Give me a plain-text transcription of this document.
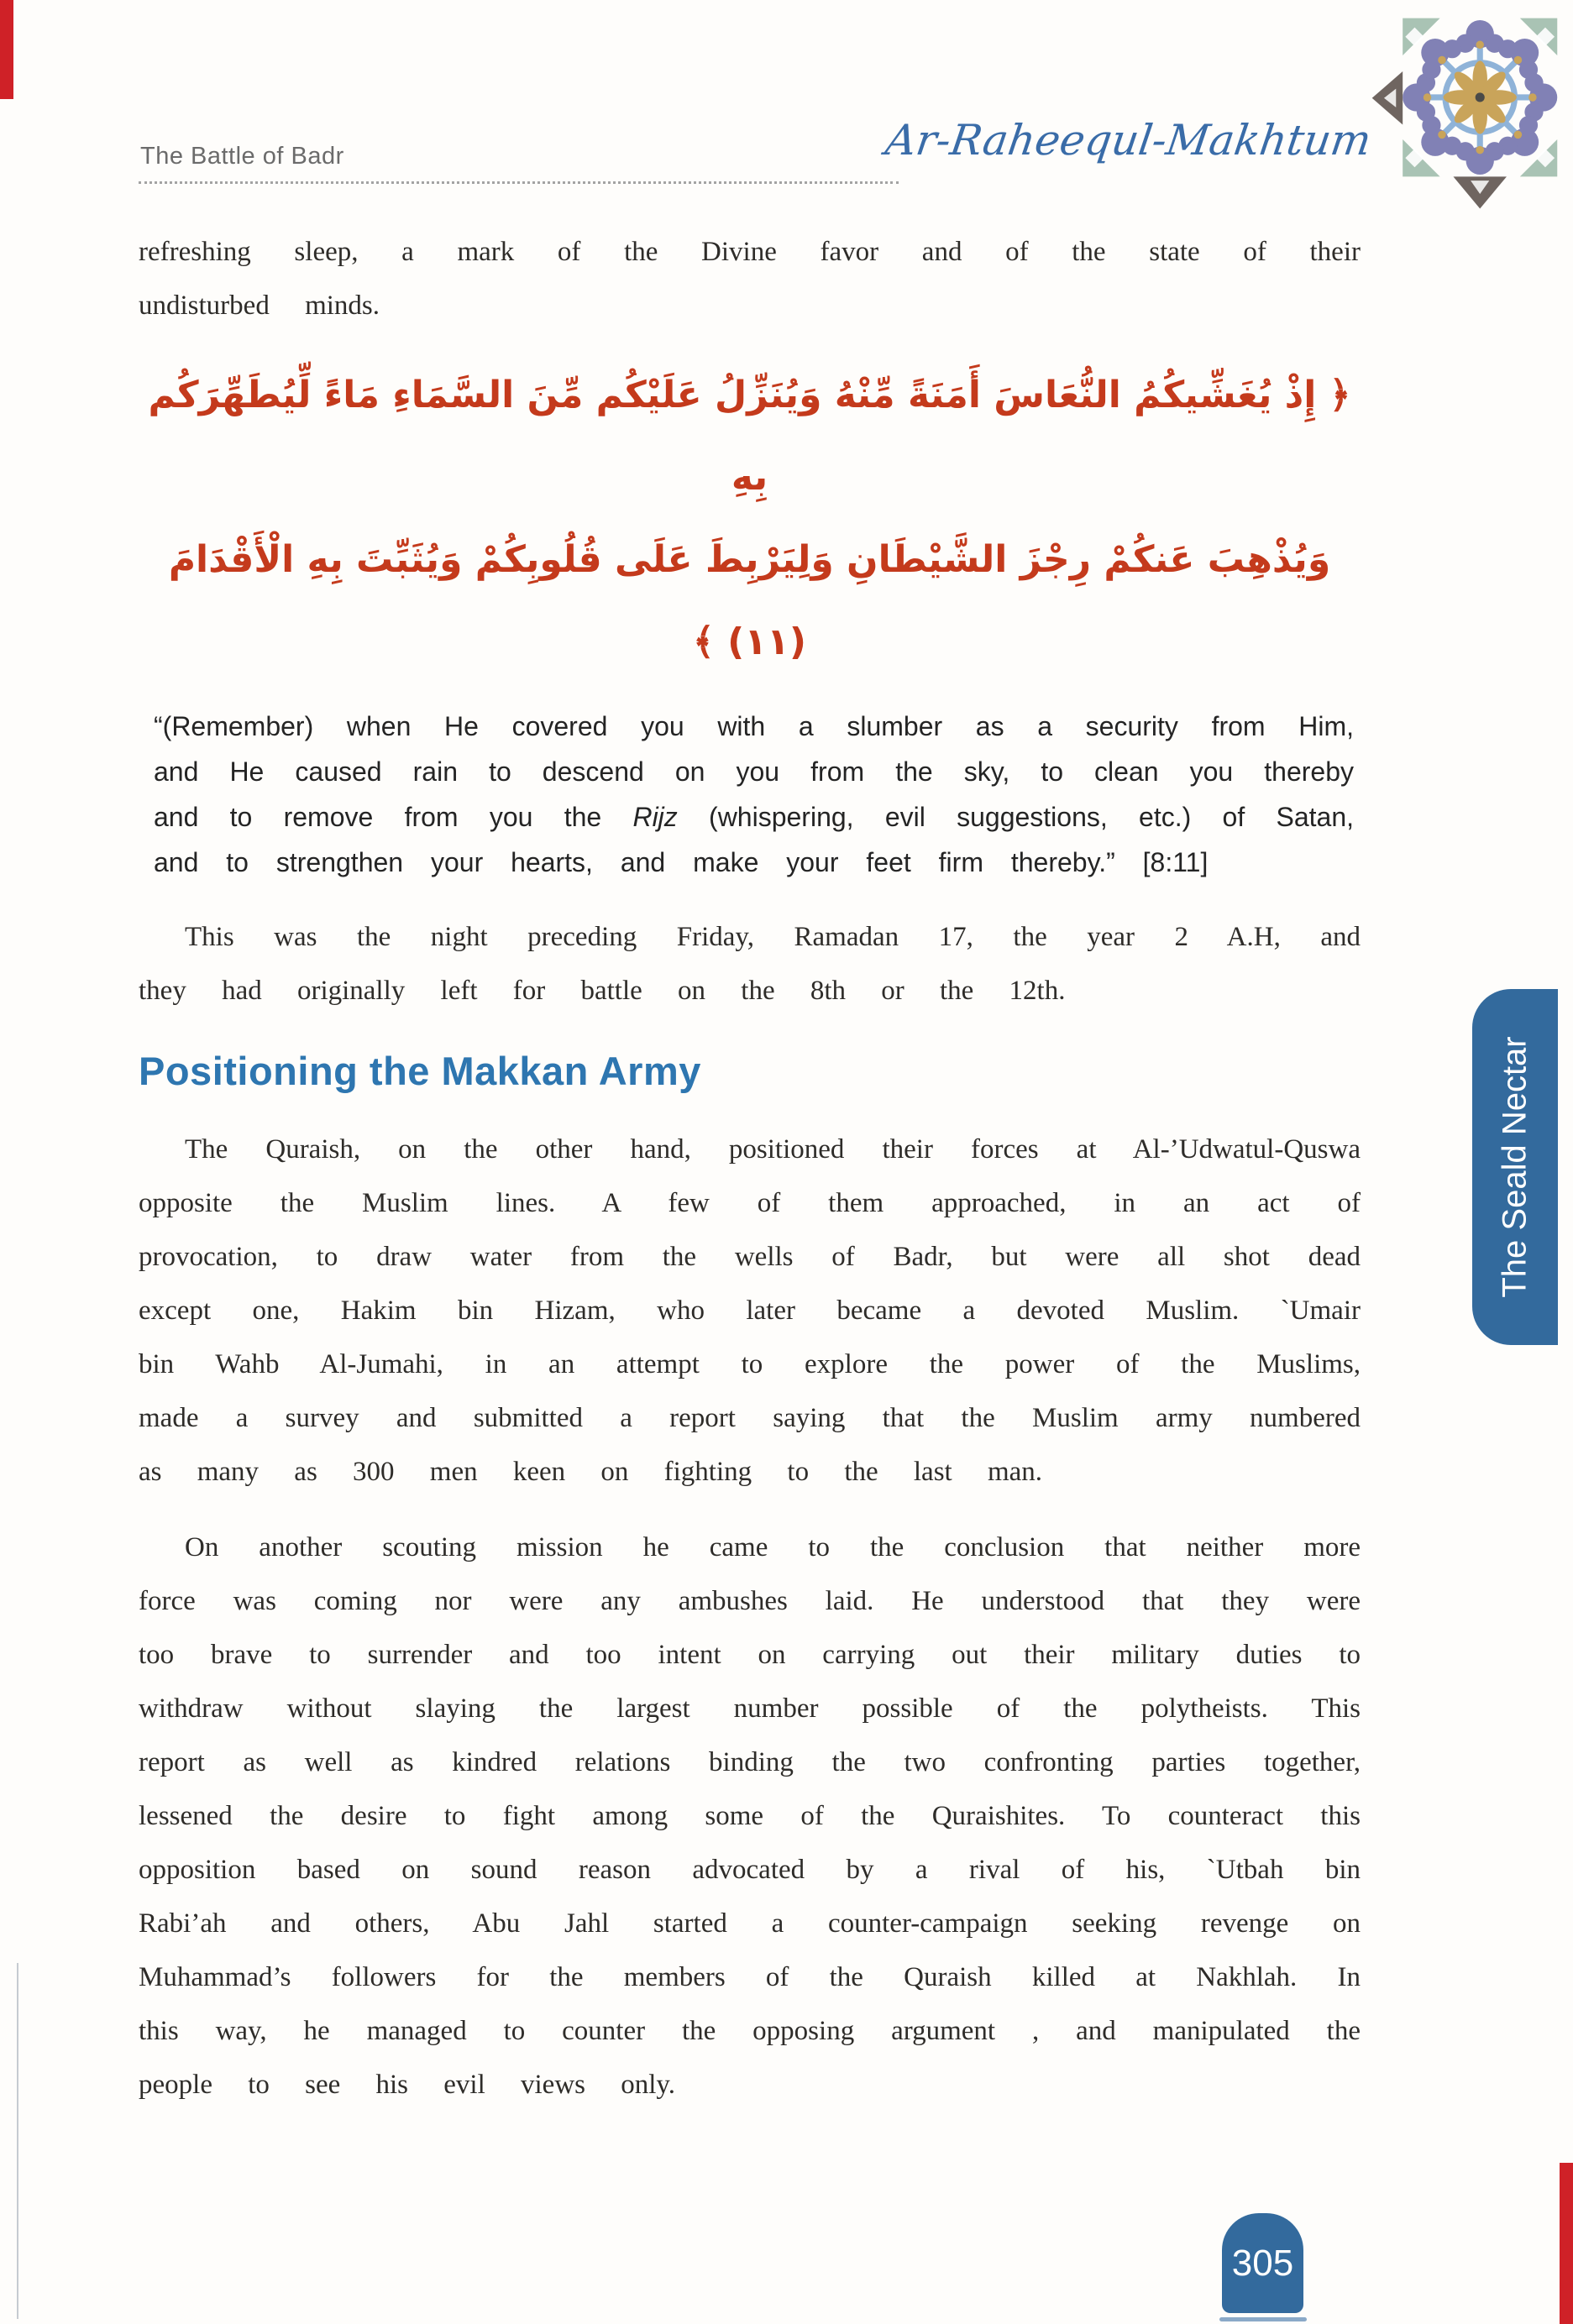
The Battle of Badr	Ar-Raheequl-Makhtum

refreshing sleep, a mark of the Divine favor and of the state of their undisturbed minds.

﴿ إِذْ يُغَشِّيكُمُ النُّعَاسَ أَمَنَةً مِّنْهُ وَيُنَزِّلُ عَلَيْكُم مِّنَ السَّمَاءِ مَاءً لِّيُطَهِّرَكُم بِهِ
وَيُذْهِبَ عَنكُمْ رِجْزَ الشَّيْطَانِ وَلِيَرْبِطَ عَلَى قُلُوبِكُمْ وَيُثَبِّتَ بِهِ الْأَقْدَامَ (١١) ﴾
“(Remember) when He covered you with a slumber as a security from Him, and He caused rain to descend on you from the sky, to clean you thereby and to remove from you the Rijz (whispering, evil suggestions, etc.) of Satan, and to strengthen your hearts, and make your feet firm thereby.” [8:11]

This was the night preceding Friday, Ramadan 17, the year 2 A.H, and they had originally left for battle on the 8th or the 12th.

Positioning the Makkan Army

The Quraish, on the other hand, positioned their forces at Al-’Udwatul-Quswa opposite the Muslim lines. A few of them approached, in an act of provocation, to draw water from the wells of Badr, but were all shot dead except one, Hakim bin Hizam, who later became a devoted Muslim. `Umair bin Wahb Al-Jumahi, in an attempt to explore the power of the Muslims, made a survey and submitted a report saying that the Muslim army numbered as many as 300 men keen on fighting to the last man.

On another scouting mission he came to the conclusion that neither more force was coming nor were any ambushes laid. He understood that they were too brave to surrender and too intent on carrying out their military duties to withdraw without slaying the largest number possible of the polytheists. This report as well as kindred relations binding the two confronting parties together, lessened the desire to fight among some of the Quraishites. To counteract this opposition based on sound reason advocated by a rival of his, `Utbah bin Rabi’ah and others, Abu Jahl started a counter-campaign seeking revenge on Muhammad’s followers for the members of the Quraish killed at Nakhlah. In this way, he managed to counter the opposing argument , and manipulated the people to see his evil views only.

The Seald Nectar
305
